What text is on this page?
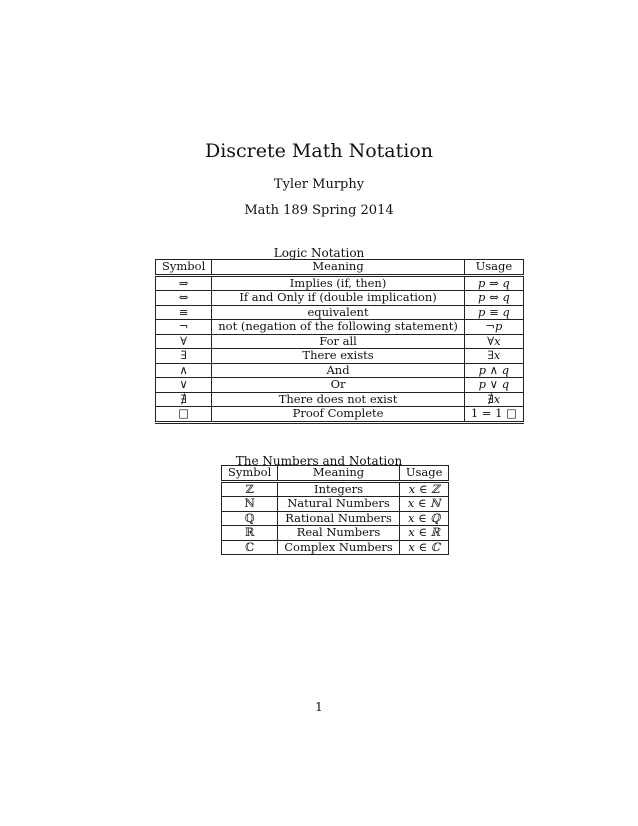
Discrete Math Notation
Tyler Murphy
Math 189 Spring 2014
Logic Notation
Symbol	Meaning	Usage
⇒	Implies (if, then)	p ⇒ q
⇔	If and Only if (double implication)	p ⇔ q
≡	equivalent	p ≡ q
¬	not (negation of the following statement)	¬p
∀	For all	∀x
∃	There exists	∃x
∧	And	p ∧ q
∨	Or	p ∨ q
∄	There does not exist	∄x
□	Proof Complete	1 = 1 □
The Numbers and Notation
Symbol	Meaning	Usage
ℤ	Integers	x ∈ ℤ
ℕ	Natural Numbers	x ∈ ℕ
ℚ	Rational Numbers	x ∈ ℚ
ℝ	Real Numbers	x ∈ ℝ
ℂ	Complex Numbers	x ∈ ℂ
1
